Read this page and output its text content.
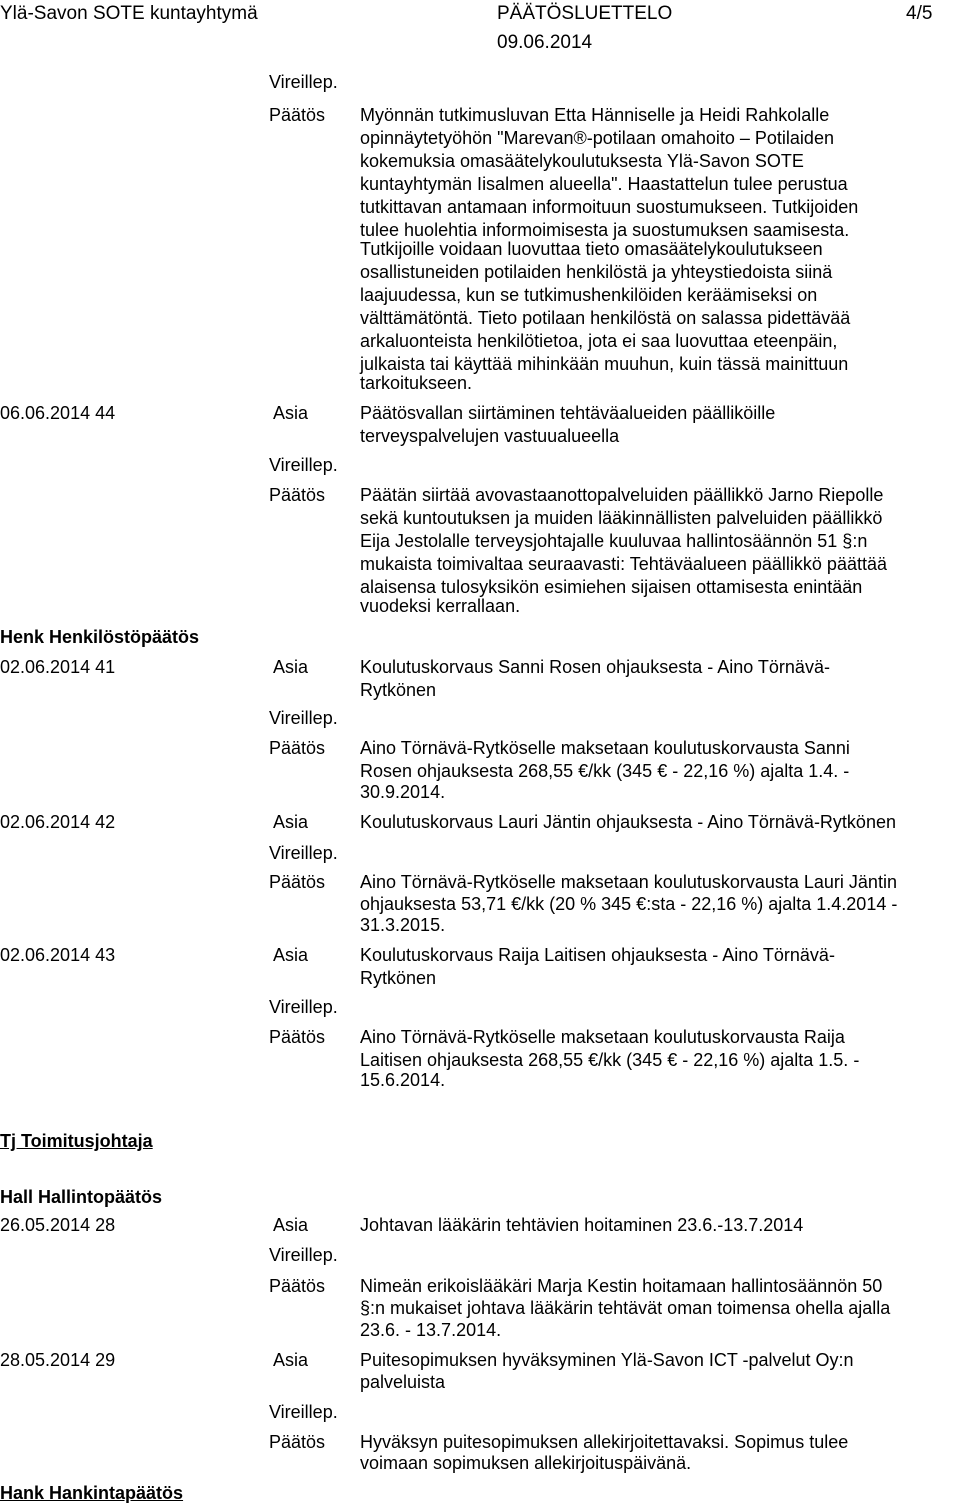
Ylä-Savon SOTE kuntayhtymä	PÄÄTÖSLUETTELO	4/5
09.06.2014
Vireillep.
Päätös Myönnän tutkimusluvan Etta Hänniselle ja Heidi Rahkolalle
opinnäytetyöhön "Marevan®-potilaan omahoito – Potilaiden
kokemuksia omasäätelykoulutuksesta Ylä-Savon SOTE
kuntayhtymän Iisalmen alueella". Haastattelun tulee perustua
tutkittavan antamaan informoituun suostumukseen. Tutkijoiden
tulee huolehtia informoimisesta ja suostumuksen saamisesta.
Tutkijoille voidaan luovuttaa tieto omasäätelykoulutukseen
osallistuneiden potilaiden henkilöstä ja yhteystiedoista siinä
laajuudessa, kun se tutkimushenkilöiden keräämiseksi on
välttämätöntä. Tieto potilaan henkilöstä on salassa pidettävää
arkaluonteista henkilötietoa, jota ei saa luovuttaa eteenpäin,
julkaista tai käyttää mihinkään muuhun, kuin tässä mainittuun
tarkoitukseen.
06.06.2014 44	Asia	Päätösvallan siirtäminen tehtäväalueiden päälliköille
terveyspalvelujen vastuualueella
Vireillep.
Päätös Päätän siirtää avovastaanottopalveluiden päällikkö Jarno Riepolle
sekä kuntoutuksen ja muiden lääkinnällisten palveluiden päällikkö
Eija Jestolalle terveysjohtajalle kuuluvaa hallintosäännön 51 §:n
mukaista toimivaltaa seuraavasti: Tehtäväalueen päällikkö päättää
alaisensa tulosyksikön esimiehen sijaisen ottamisesta enintään
vuodeksi kerrallaan.
Henk Henkilöstöpäätös
02.06.2014 41	Asia	Koulutuskorvaus Sanni Rosen ohjauksesta - Aino Törnävä-
Rytkönen
Vireillep.
Päätös Aino Törnävä-Rytköselle maksetaan koulutuskorvausta Sanni
Rosen ohjauksesta 268,55 €/kk (345 € - 22,16 %) ajalta 1.4. -
30.9.2014.
02.06.2014 42	Asia	Koulutuskorvaus Lauri Jäntin ohjauksesta - Aino Törnävä-Rytkönen
Vireillep.
Päätös Aino Törnävä-Rytköselle maksetaan koulutuskorvausta Lauri Jäntin
ohjauksesta 53,71 €/kk (20 % 345 €:sta - 22,16 %) ajalta 1.4.2014 -
31.3.2015.
02.06.2014 43	Asia	Koulutuskorvaus Raija Laitisen ohjauksesta - Aino Törnävä-
Rytkönen
Vireillep.
Päätös Aino Törnävä-Rytköselle maksetaan koulutuskorvausta Raija
Laitisen ohjauksesta 268,55 €/kk (345 € - 22,16 %) ajalta 1.5. -
15.6.2014.
Tj Toimitusjohtaja
Hall Hallintopäätös
26.05.2014 28	Asia	Johtavan lääkärin tehtävien hoitaminen 23.6.-13.7.2014
Vireillep.
Päätös Nimeän erikoislääkäri Marja Kestin hoitamaan hallintosäännön 50
§:n mukaiset johtava lääkärin tehtävät oman toimensa ohella ajalla
23.6. - 13.7.2014.
28.05.2014 29	Asia	Puitesopimuksen hyväksyminen Ylä-Savon ICT -palvelut Oy:n
palveluista
Vireillep.
Päätös Hyväksyn puitesopimuksen allekirjoitettavaksi. Sopimus tulee
voimaan sopimuksen allekirjoituspäivänä.
Hank Hankintapäätös
